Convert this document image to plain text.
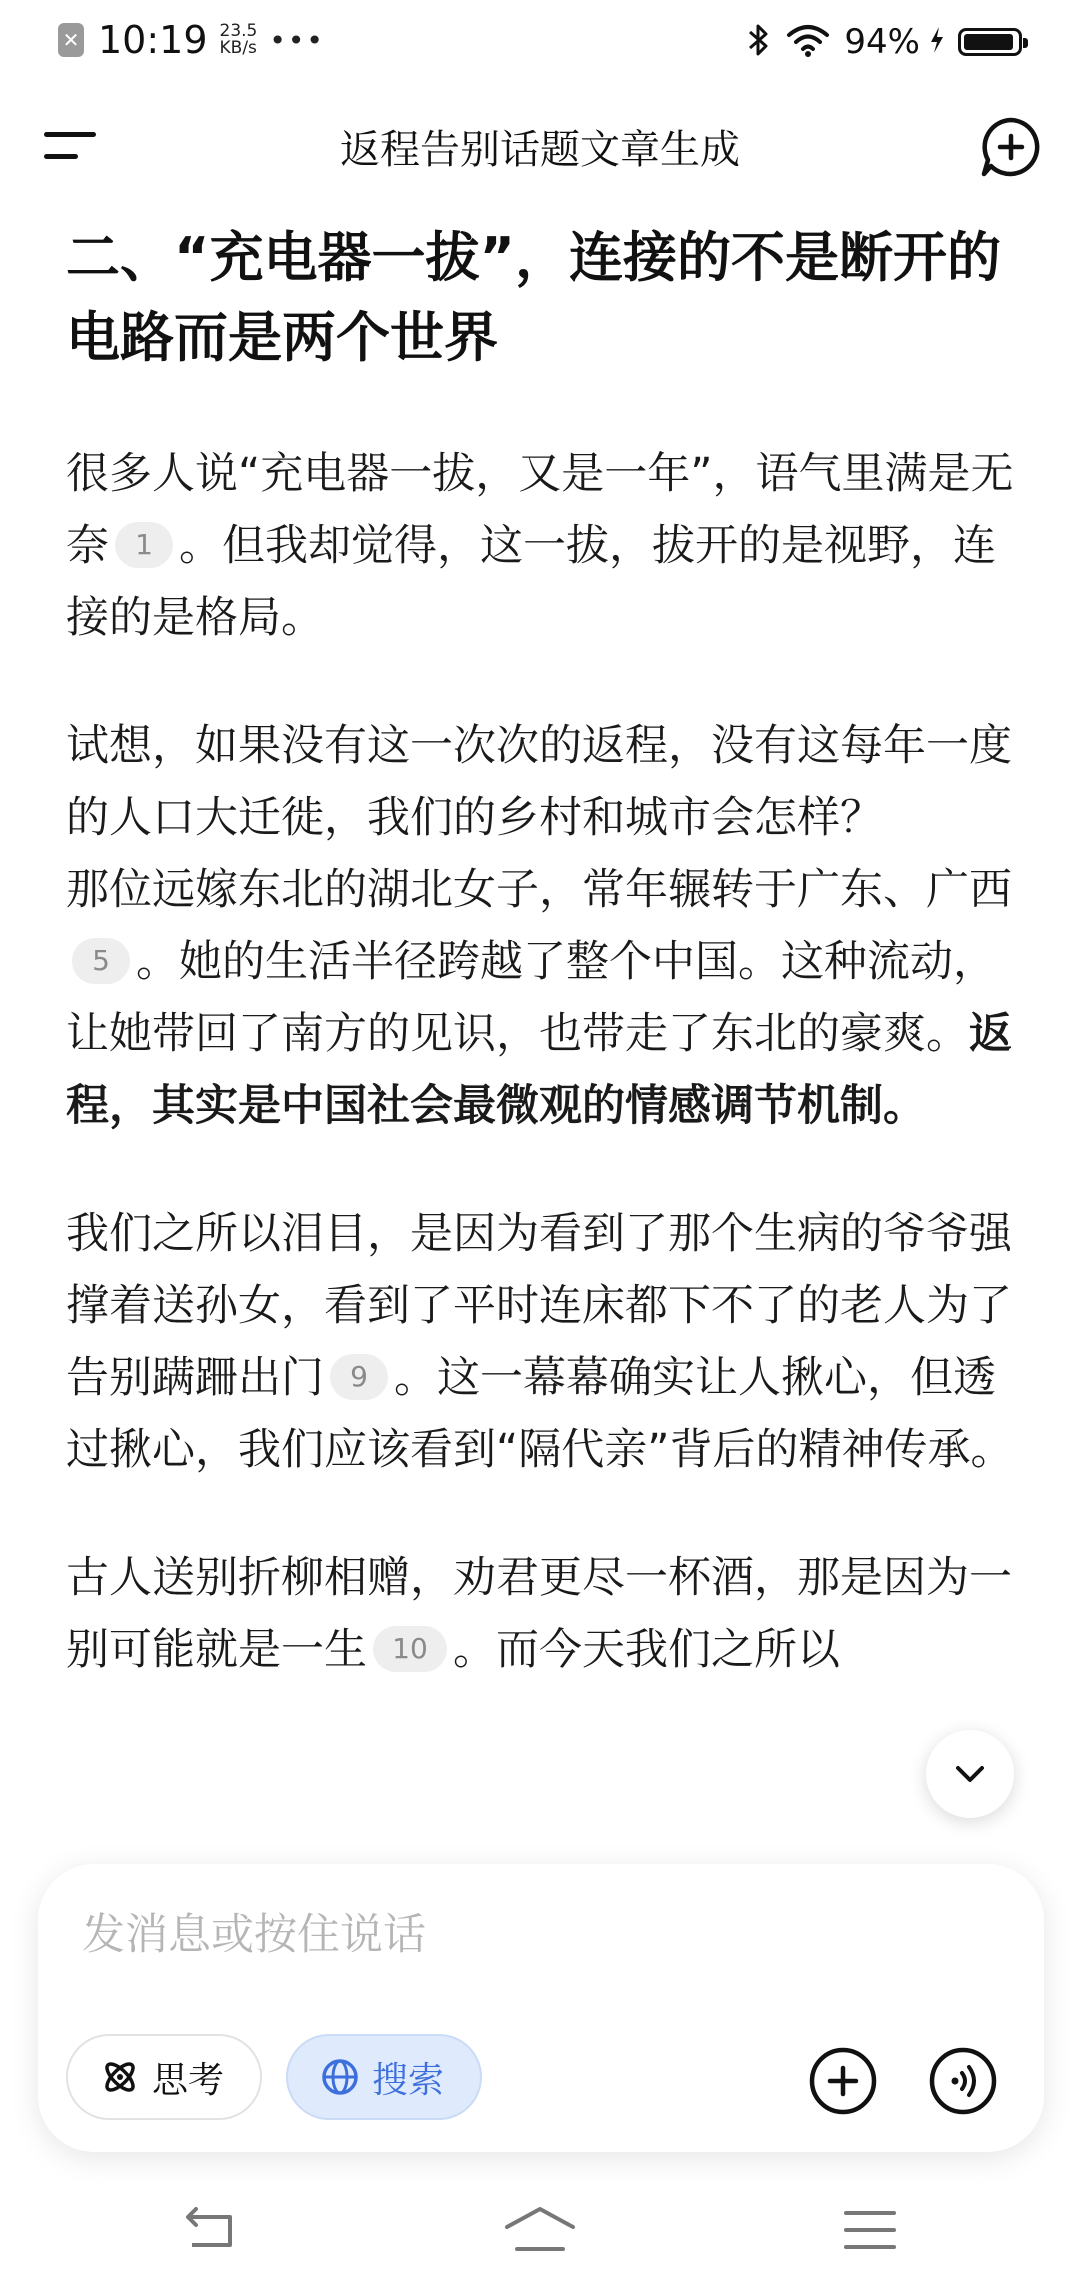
✕ 10:19 23.5
KB/s •••	94%
返程告别话题文章生成
二、“充电器一拔”，连接的不是断开的电路而是两个世界

很多人说“充电器一拔，又是一年”，语气里满是无奈 1 。但我却觉得，这一拔，拔开的是视野，连接的是格局。

试想，如果没有这一次次的返程，没有这每年一度的人口大迁徙，我们的乡村和城市会怎样？

那位远嫁东北的湖北女子，常年辗转于广东、广西5 。她的生活半径跨越了整个中国。这种流动，让她带回了南方的见识，也带走了东北的豪爽。返程，其实是中国社会最微观的情感调节机制。

我们之所以泪目，是因为看到了那个生病的爷爷强撑着送孙女，看到了平时连床都下不了的老人为了告别蹒跚出门 9 。这一幕幕确实让人揪心，但透过揪心，我们应该看到“隔代亲”背后的精神传承。

古人送别折柳相赠，劝君更尽一杯酒，那是因为一别可能就是一生 10 。而今天我们之所以

发消息或按住说话
思考	搜索
